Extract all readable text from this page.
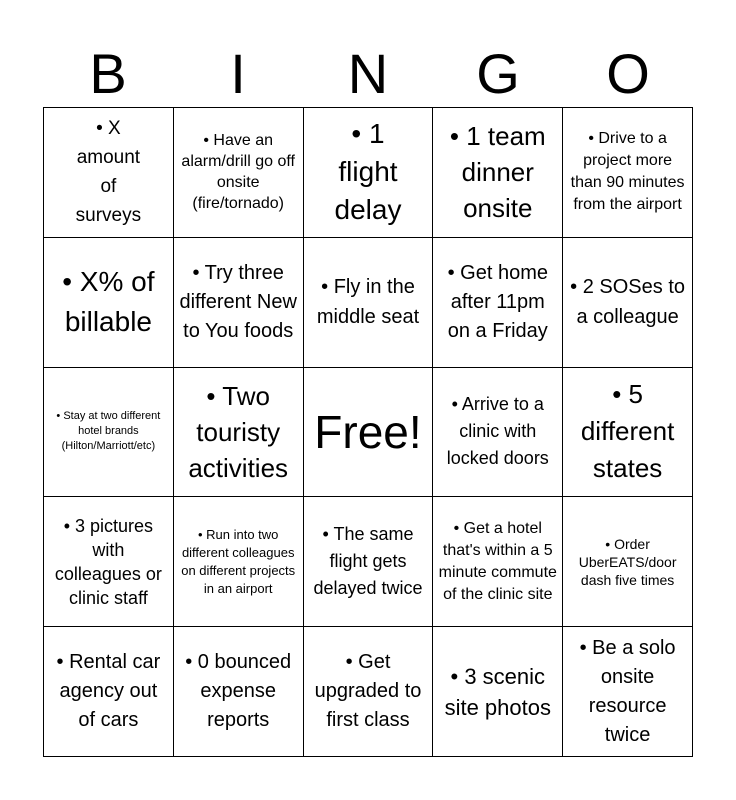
B	I	N	G	O
• X amount of surveys
• Have an alarm/drill go off onsite (fire/tornado)
• 1 flight delay
• 1 team dinner onsite
• Drive to a project more than 90 minutes from the airport
• X% of billable
• Try three different New to You foods
• Fly in the middle seat
• Get home after 11pm on a Friday
• 2 SOSes to a colleague
• Stay at two different hotel brands (Hilton/Marriott/etc)
• Two touristy activities
Free!
• Arrive to a clinic with locked doors
• 5 different states
• 3 pictures with colleagues or clinic staff
• Run into two different colleagues on different projects in an airport
• The same flight gets delayed twice
• Get a hotel that's within a 5 minute commute of the clinic site
• Order UberEATS/door dash five times
• Rental car agency out of cars
• 0 bounced expense reports
• Get upgraded to first class
• 3 scenic site photos
• Be a solo onsite resource twice
